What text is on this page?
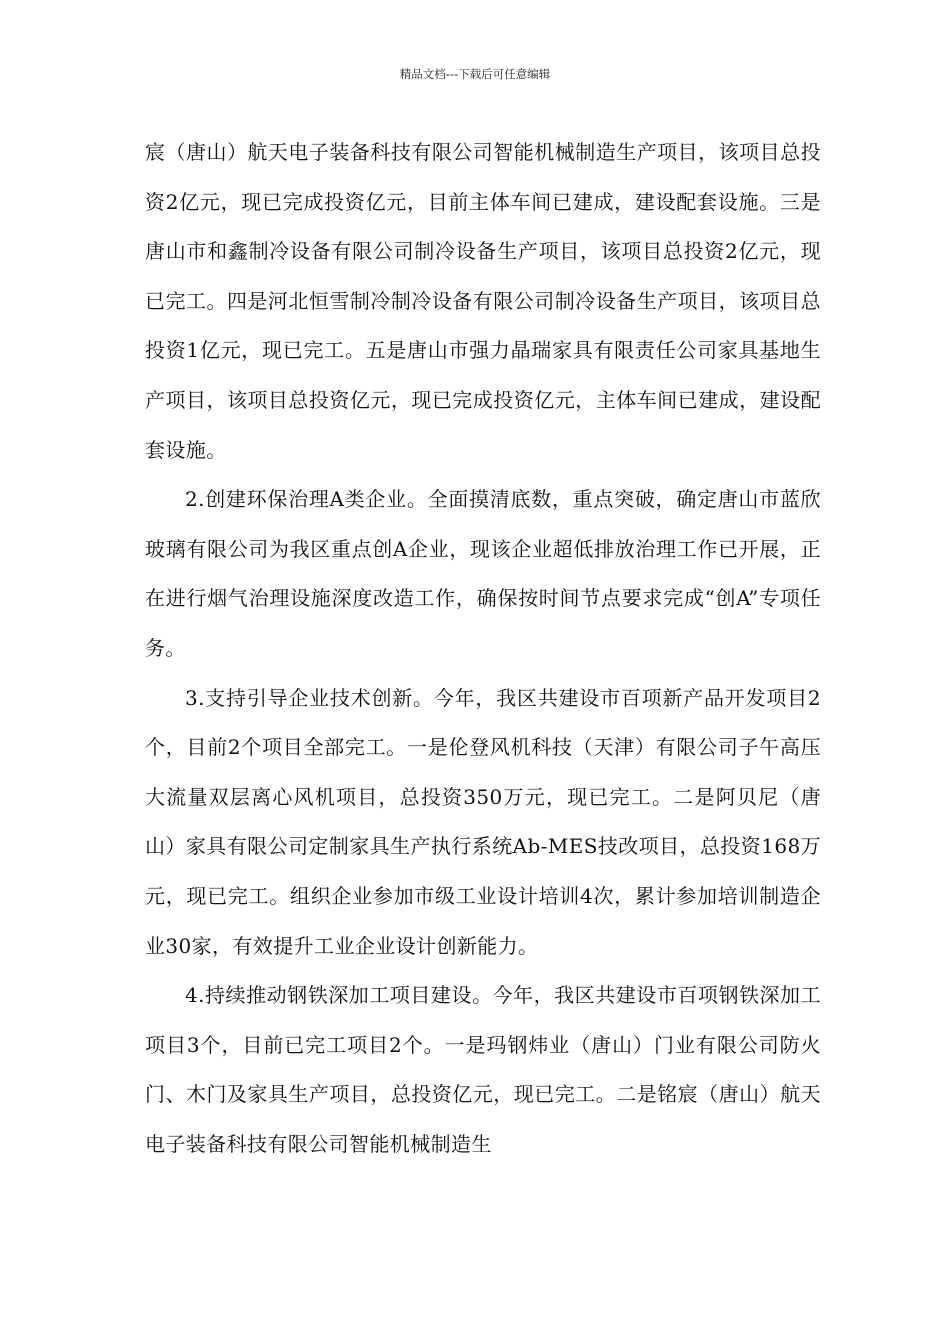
精品文档---下载后可任意编辑

宸（唐山）航天电子装备科技有限公司智能机械制造生产项目，该项目总投资2亿元，现已完成投资亿元，目前主体车间已建成，建设配套设施。三是唐山市和鑫制冷设备有限公司制冷设备生产项目，该项目总投资2亿元，现已完工。四是河北恒雪制冷制冷设备有限公司制冷设备生产项目，该项目总投资1亿元，现已完工。五是唐山市强力晶瑞家具有限责任公司家具基地生产项目，该项目总投资亿元，现已完成投资亿元，主体车间已建成，建设配套设施。

2.创建环保治理A类企业。全面摸清底数，重点突破，确定唐山市蓝欣玻璃有限公司为我区重点创A企业，现该企业超低排放治理工作已开展，正在进行烟气治理设施深度改造工作，确保按时间节点要求完成“创A”专项任务。

3.支持引导企业技术创新。今年，我区共建设市百项新产品开发项目2个，目前2个项目全部完工。一是伦登风机科技（天津）有限公司子午高压大流量双层离心风机项目，总投资350万元，现已完工。二是阿贝尼（唐山）家具有限公司定制家具生产执行系统Ab-MES技改项目，总投资168万元，现已完工。组织企业参加市级工业设计培训4次，累计参加培训制造企业30家，有效提升工业企业设计创新能力。

4.持续推动钢铁深加工项目建设。今年，我区共建设市百项钢铁深加工项目3个，目前已完工项目2个。一是玛钢炜业（唐山）门业有限公司防火门、木门及家具生产项目，总投资亿元，现已完工。二是铭宸（唐山）航天电子装备科技有限公司智能机械制造生
